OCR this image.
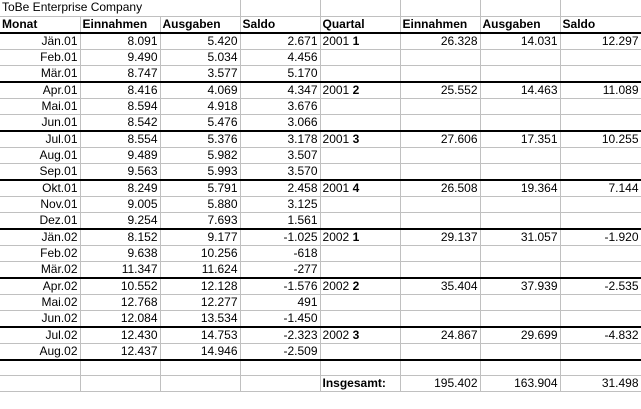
ToBe Enterprise Company							
Monat	Einnahmen	Ausgaben	Saldo	Quartal	Einnahmen	Ausgaben	Saldo
Jän.01	8.091	5.420	2.671	2001 1	26.328	14.031	12.297
Feb.01	9.490	5.034	4.456				
Mär.01	8.747	3.577	5.170				
Apr.01	8.416	4.069	4.347	2001 2	25.552	14.463	11.089
Mai.01	8.594	4.918	3.676				
Jun.01	8.542	5.476	3.066				
Jul.01	8.554	5.376	3.178	2001 3	27.606	17.351	10.255
Aug.01	9.489	5.982	3.507				
Sep.01	9.563	5.993	3.570				
Okt.01	8.249	5.791	2.458	2001 4	26.508	19.364	7.144
Nov.01	9.005	5.880	3.125				
Dez.01	9.254	7.693	1.561				
Jän.02	8.152	9.177	-1.025	2002 1	29.137	31.057	-1.920
Feb.02	9.638	10.256	-618				
Mär.02	11.347	11.624	-277				
Apr.02	10.552	12.128	-1.576	2002 2	35.404	37.939	-2.535
Mai.02	12.768	12.277	491				
Jun.02	12.084	13.534	-1.450				
Jul.02	12.430	14.753	-2.323	2002 3	24.867	29.699	-4.832
Aug.02	12.437	14.946	-2.509				

				Insgesamt:	195.402	163.904	31.498
